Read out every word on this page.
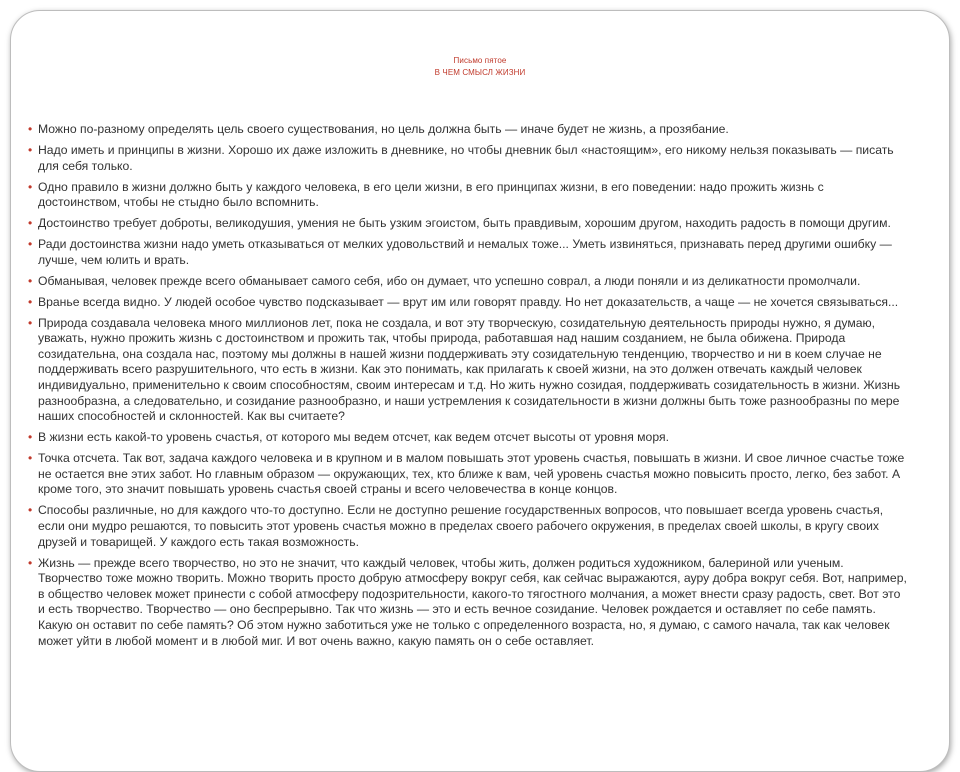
Письмо пятое
В ЧЕМ СМЫСЛ ЖИЗНИ
• Можно по-разному определять цель своего существования, но цель должна быть — иначе будет не жизнь, а прозябание.
• Надо иметь и принципы в жизни. Хорошо их даже изложить в дневнике, но чтобы дневник был «настоящим», его никому нельзя показывать — писать для себя только.
• Одно правило в жизни должно быть у каждого человека, в его цели жизни, в его принципах жизни, в его поведении: надо прожить жизнь с достоинством, чтобы не стыдно было вспомнить.
• Достоинство требует доброты, великодушия, умения не быть узким эгоистом, быть правдивым, хорошим другом, находить радость в помощи другим.
• Ради достоинства жизни надо уметь отказываться от мелких удовольствий и немалых тоже... Уметь извиняться, признавать перед другими ошибку — лучше, чем юлить и врать.
• Обманывая, человек прежде всего обманывает самого себя, ибо он думает, что успешно соврал, а люди поняли и из деликатности промолчали.
• Вранье всегда видно. У людей особое чувство подсказывает — врут им или говорят правду. Но нет доказательств, а чаще — не хочется связываться...
• Природа создавала человека много миллионов лет, пока не создала, и вот эту творческую, созидательную деятельность природы нужно, я думаю, уважать, нужно прожить жизнь с достоинством и прожить так, чтобы природа, работавшая над нашим созданием, не была обижена. Природа созидательна, она создала нас, поэтому мы должны в нашей жизни поддерживать эту созидательную тенденцию, творчество и ни в коем случае не поддерживать всего разрушительного, что есть в жизни. Как это понимать, как прилагать к своей жизни, на это должен отвечать каждый человек индивидуально, применительно к своим способностям, своим интересам и т.д. Но жить нужно созидая, поддерживать созидательность в жизни. Жизнь разнообразна, а следовательно, и созидание разнообразно, и наши устремления к созидательности в жизни должны быть тоже разнообразны по мере наших способностей и склонностей. Как вы считаете?
• В жизни есть какой-то уровень счастья, от которого мы ведем отсчет, как ведем отсчет высоты от уровня моря.
• Точка отсчета. Так вот, задача каждого человека и в крупном и в малом повышать этот уровень счастья, повышать в жизни. И свое личное счастье тоже не остается вне этих забот. Но главным образом — окружающих, тех, кто ближе к вам, чей уровень счастья можно повысить просто, легко, без забот. А кроме того, это значит повышать уровень счастья своей страны и всего человечества в конце концов.
• Способы различные, но для каждого что-то доступно. Если не доступно решение государственных вопросов, что повышает всегда уровень счастья, если они мудро решаются, то повысить этот уровень счастья можно в пределах своего рабочего окружения, в пределах своей школы, в кругу своих друзей и товарищей. У каждого есть такая возможность.
• Жизнь — прежде всего творчество, но это не значит, что каждый человек, чтобы жить, должен родиться художником, балериной или ученым. Творчество тоже можно творить. Можно творить просто добрую атмосферу вокруг себя, как сейчас выражаются, ауру добра вокруг себя. Вот, например, в общество человек может принести с собой атмосферу подозрительности, какого-то тягостного молчания, а может внести сразу радость, свет. Вот это и есть творчество. Творчество — оно беспрерывно. Так что жизнь — это и есть вечное созидание. Человек рождается и оставляет по себе память. Какую он оставит по себе память? Об этом нужно заботиться уже не только с определенного возраста, но, я думаю, с самого начала, так как человек может уйти в любой момент и в любой миг. И вот очень важно, какую память он о себе оставляет.
